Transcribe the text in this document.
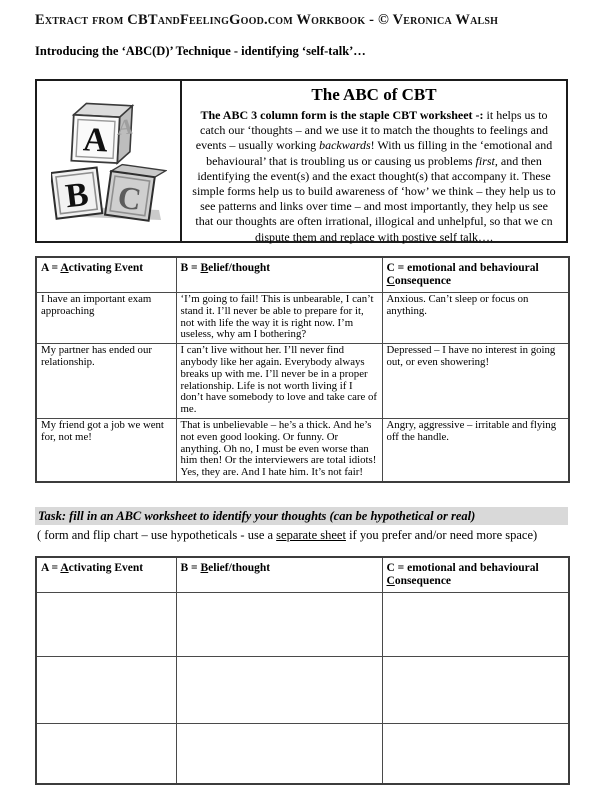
Extract from CBTandFeelingGood.com Workbook - © Veronica Walsh
Introducing the ‘ABC(D)’ Technique - identifying ‘self-talk’…
A A
B C
The ABC of CBT

The ABC 3 column form is the staple CBT worksheet -: it helps us to catch our ‘thoughts – and we use it to match the thoughts to feelings and events – usually working backwards! With us filling in the ‘emotional and behavioural’ that is troubling us or causing us problems first, and then identifying the event(s) and the exact thought(s) that accompany it. These simple forms help us to build awareness of ‘how’ we think – they help us to see patterns and links over time – and most importantly, they help us see that our thoughts are often irrational, illogical and unhelpful, so that we cn dispute them and replace with postive self talk….

A = Activating Event	B = Belief/thought	C = emotional and behavioural Consequence
I have an important exam approaching	‘I’m going to fail! This is unbearable, I can’t stand it. I’ll never be able to prepare for it, not with life the way it is right now. I’m useless, why am I bothering?	Anxious. Can’t sleep or focus on anything.
My partner has ended our relationship.	I can’t live without her. I’ll never find anybody like her again. Everybody always breaks up with me. I’ll never be in a proper relationship. Life is not worth living if I don’t have somebody to love and take care of me.	Depressed – I have no interest in going out, or even showering!
My friend got a job we went for, not me!	That is unbelievable – he’s a thick. And he’s not even good looking. Or funny. Or anything. Oh no, I must be even worse than him then! Or the interviewers are total idiots! Yes, they are. And I hate him. It’s not fair!	Angry, aggressive – irritable and flying off the handle.
Task: fill in an ABC worksheet to identify your thoughts (can be hypothetical or real)
( form and flip chart – use hypotheticals - use a separate sheet if you prefer and/or need more space)
A = Activating Event	B = Belief/thought	C = emotional and behavioural Consequence
